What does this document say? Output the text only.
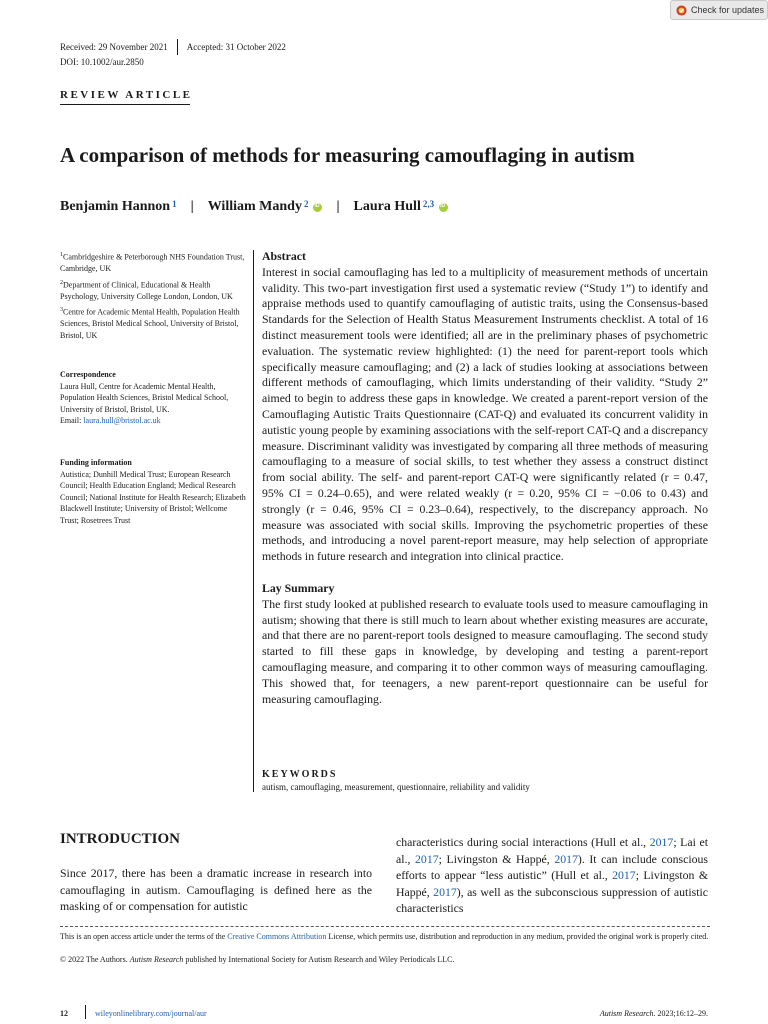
Check for updates
Received: 29 November 2021 Accepted: 31 October 2022
DOI: 10.1002/aur.2850
REVIEW ARTICLE
A comparison of methods for measuring camouflaging in autism
Benjamin Hannon$^1$ | William Mandy$^2$
iD | Laura Hull$^{2,3}$
iD

$^1$Cambridgeshire & Peterborough NHS Foundation Trust, Cambridge, UK

$^2$Department of Clinical, Educational & Health Psychology, University College London, London, UK

$^3$Centre for Academic Mental Health, Population Health Sciences, Bristol Medical School, University of Bristol, Bristol, UK

Correspondence

Laura Hull, Centre for Academic Mental Health, Population Health Sciences, Bristol Medical School, University of Bristol, Bristol, UK.

Email: laura.hull@bristol.ac.uk

Funding information

Autistica; Dunhill Medical Trust; European Research Council; Health Education England; Medical Research Council; National Institute for Health Research; Elizabeth Blackwell Institute; University of Bristol; Wellcome Trust; Rosetrees Trust

Abstract

Interest in social camouflaging has led to a multiplicity of measurement methods of uncertain validity. This two-part investigation first used a systematic review (“Study 1”) to identify and appraise methods used to quantify camouflaging of autistic traits, using the Consensus-based Standards for the Selection of Health Status Measurement Instruments checklist. A total of 16 distinct measurement tools were identified; all are in the preliminary phases of psychometric evaluation. The systematic review highlighted: (1) the need for parent-report tools which specifically measure camouflaging; and (2) a lack of studies looking at associations between different methods of camouflaging, which limits understanding of their validity. “Study 2” aimed to begin to address these gaps in knowledge. We created a parent-report version of the Camouflaging Autistic Traits Questionnaire (CAT-Q) and evaluated its concurrent validity in autistic young people by examining associations with the self-report CAT-Q and a discrepancy measure. Discriminant validity was investigated by comparing all three methods of measuring camouflaging to a measure of social skills, to test whether they assess a construct distinct from social ability. The self- and parent-report CAT-Q were significantly related (r = 0.47, 95% CI = 0.24–0.65), and were related weakly (r = 0.20, 95% CI = −0.06 to 0.43) and strongly (r = 0.46, 95% CI = 0.23–0.64), respectively, to the discrepancy approach. No measure was associated with social skills. Improving the psychometric properties of these methods, and introducing a novel parent-report measure, may help selection of appropriate methods in future research and integration into clinical practice.

Lay Summary

The first study looked at published research to evaluate tools used to measure camouflaging in autism; showing that there is still much to learn about whether existing measures are accurate, and that there are no parent-report tools designed to measure camouflaging. The second study started to fill these gaps in knowledge, by developing and testing a parent-report camouflaging measure, and comparing it to other common ways of measuring camouflaging. This showed that, for teenagers, a new parent-report questionnaire can be useful for measuring camouflaging.

KEYWORDS
autism, camouflaging, measurement, questionnaire, reliability and validity
INTRODUCTION

Since 2017, there has been a dramatic increase in research into camouflaging in autism. Camouflaging is defined here as the masking of or compensation for autistic

characteristics during social interactions (Hull et al., 2017; Lai et al., 2017; Livingston & Happé, 2017). It can include conscious efforts to appear “less autistic” (Hull et al., 2017; Livingston & Happé, 2017), as well as the subconscious suppression of autistic characteristics

This is an open access article under the terms of the Creative Commons Attribution License, which permits use, distribution and reproduction in any medium, provided the original work is properly cited.
© 2022 The Authors. Autism Research published by International Society for Autism Research and Wiley Periodicals LLC.
12	wileyonlinelibrary.com/journal/aur	Autism Research. 2023;16:12–29.
